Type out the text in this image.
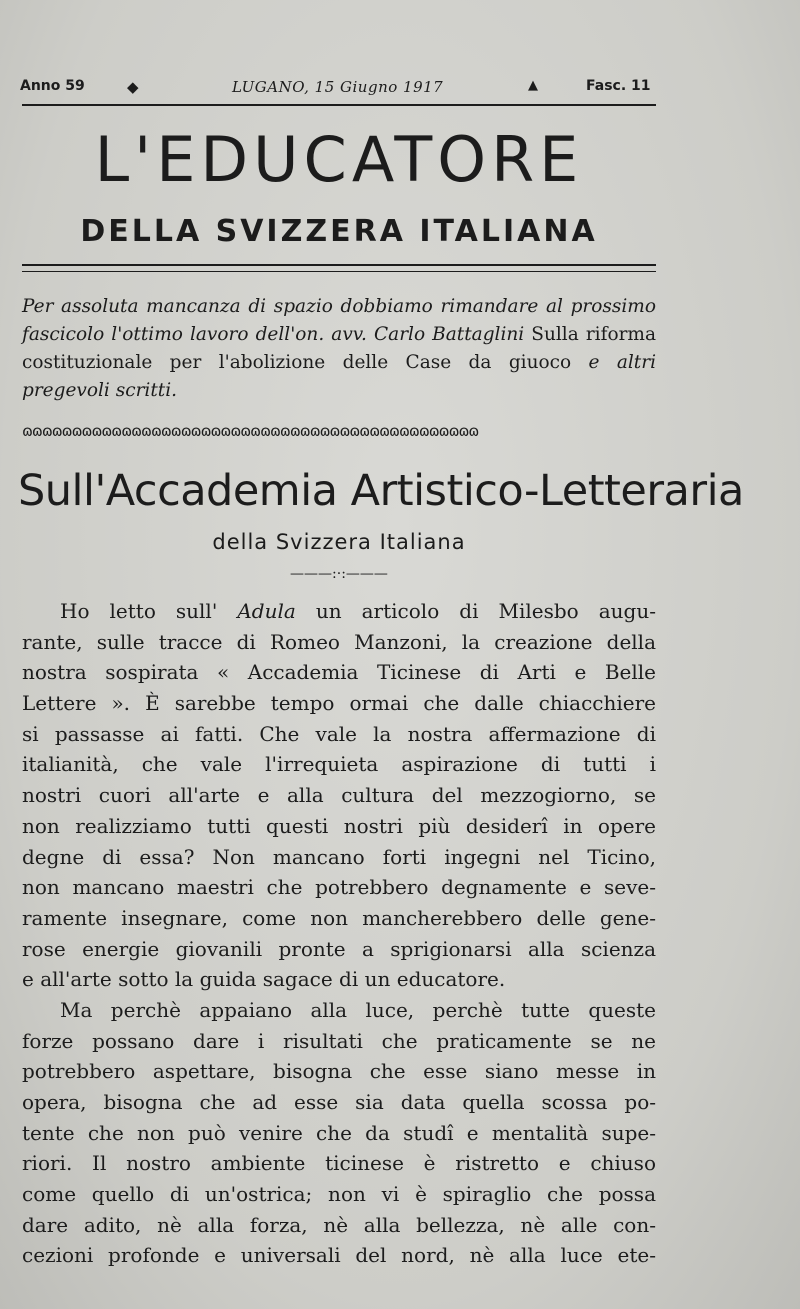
Anno 59	◆	LUGANO, 15 Giugno 1917	▲	Fasc. 11
L'EDUCATORE
DELLA SVIZZERA ITALIANA
Per assoluta mancanza di spazio dobbiamo rimandare al prossimo fascicolo l'ottimo lavoro dell'on. avv. Carlo Battaglini Sulla riforma costituzionale per l'abolizione delle Case da giuoco e altri pregevoli scritti.
ɷɷɷɷɷɷɷɷɷɷɷɷɷɷɷɷɷɷɷɷɷɷɷɷɷɷɷɷɷɷɷɷɷɷɷɷɷɷɷɷɷɷɷɷɷɷ
Sull'Accademia Artistico-Letteraria
della Svizzera Italiana
———:·:———
Ho letto sull' Adula un articolo di Milesbo augu-
rante, sulle tracce di Romeo Manzoni, la creazione della
nostra sospirata « Accademia Ticinese di Arti e Belle
Lettere ». È sarebbe tempo ormai che dalle chiacchiere
si passasse ai fatti. Che vale la nostra affermazione di
italianità, che vale l'irrequieta aspirazione di tutti i
nostri cuori all'arte e alla cultura del mezzogiorno, se
non realizziamo tutti questi nostri più desiderî in opere
degne di essa? Non mancano forti ingegni nel Ticino,
non mancano maestri che potrebbero degnamente e seve-
ramente insegnare, come non mancherebbero delle gene-
rose energie giovanili pronte a sprigionarsi alla scienza
e all'arte sotto la guida sagace di un educatore.
Ma perchè appaiano alla luce, perchè tutte queste
forze possano dare i risultati che praticamente se ne
potrebbero aspettare, bisogna che esse siano messe in
opera, bisogna che ad esse sia data quella scossa po-
tente che non può venire che da studî e mentalità supe-
riori. Il nostro ambiente ticinese è ristretto e chiuso
come quello di un'ostrica; non vi è spiraglio che possa
dare adito, nè alla forza, nè alla bellezza, nè alle con-
cezioni profonde e universali del nord, nè alla luce ete-
